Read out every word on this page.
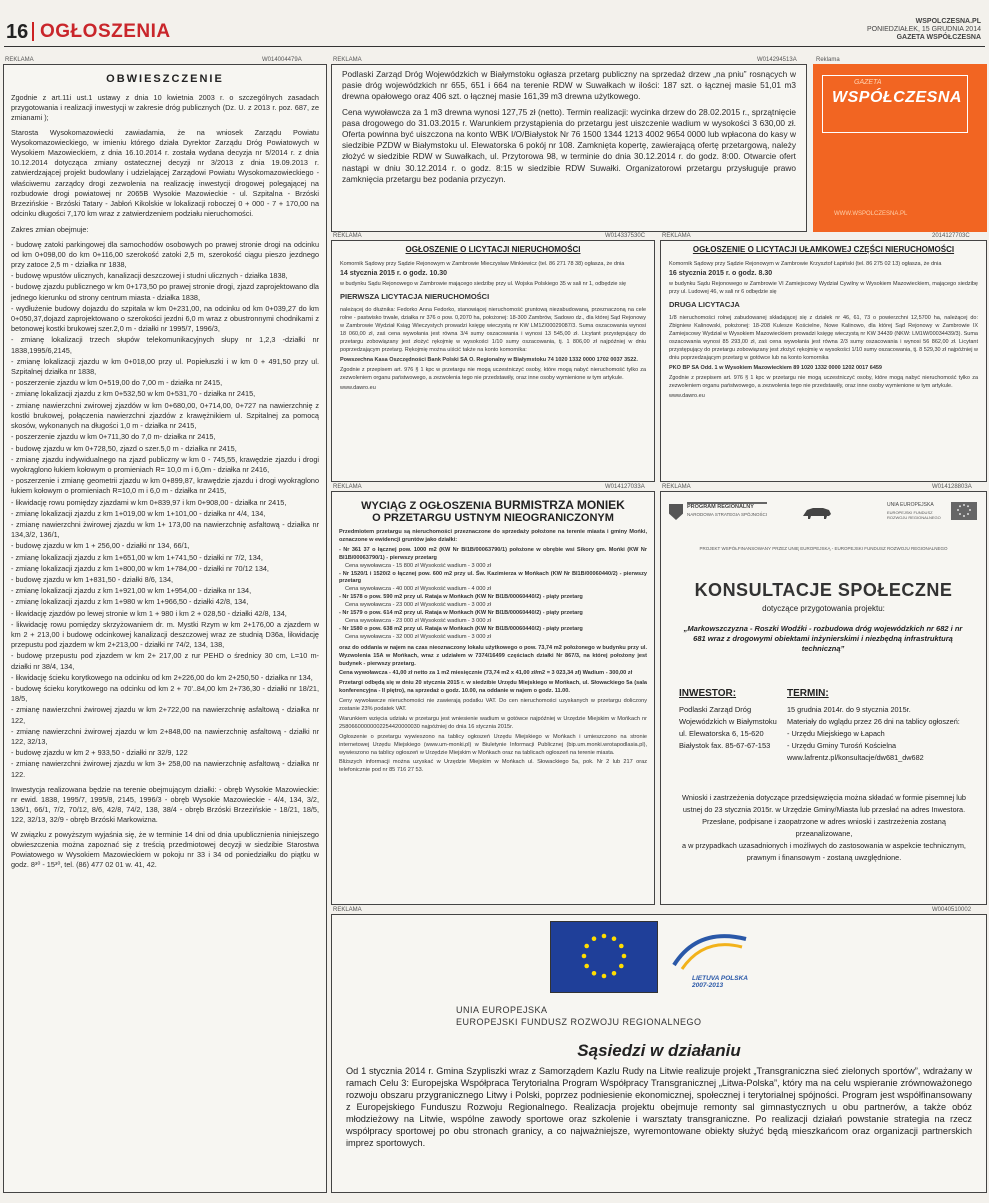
16 OGŁOSZENIA	WSPOLCZESNA.PL
PONIEDZIAŁEK, 15 GRUDNIA 2014
GAZETA WSPÓŁCZESNA
REKLAMA	W014004479A
OBWIESZCZENIE

Zgodnie z art.11i ust.1 ustawy z dnia 10 kwietnia 2003 r. o szczególnych zasadach przygotowania i realizacji inwestycji w zakresie dróg publicznych (Dz. U. z 2013 r. poz. 687, ze zmianami );

Starosta Wysokomazowiecki zawiadamia, że na wniosek Zarządu Powiatu Wysokomazowieckiego, w imieniu którego działa Dyrektor Zarządu Dróg Powiatowych w Wysokiem Mazowieckiem, z dnia 16.10.2014 r. została wydana decyzja nr 5/2014 r. z dnia 10.12.2014 dotycząca zmiany ostatecznej decyzji nr 3/2013 z dnia 19.09.2013 r. zatwierdzającej projekt budowlany i udzielającej Zarządowi Powiatu Wysokomazowieckiego - właściwemu zarządcy drogi zezwolenia na realizację inwestycji drogowej polegającej na rozbudowie drogi powiatowej nr 2065B Wysokie Mazowieckie - ul. Szpitalna - Brzóski Brzezińskie - Brzóski Tatary - Jabłoń Kikolskie w lokalizacji roboczej 0 + 000 - 7 + 170,00 na odcinku długości 7,170 km wraz z zatwierdzeniem podziału nieruchomości.

Zakres zmian obejmuje:

- budowę zatoki parkingowej dla samochodów osobowych po prawej stronie drogi na odcinku od km 0+098,00 do km 0+116,00 szerokość zatoki 2,5 m, szerokość ciągu pieszo jezdnego przy zatoce 2,5 m - działka nr 1838,

- budowę wpustów ulicznych, kanalizacji deszczowej i studni ulicznych - działka 1838,

- budowę zjazdu publicznego w km 0+173,50 po prawej stronie drogi, zjazd zaprojektowano dla jednego kierunku od strony centrum miasta - działka 1838,

- wydłużenie budowy dojazdu do szpitala w km 0+231,00, na odcinku od km 0+039,27 do km 0+050,37,dojazd zaprojektowano o szerokości jezdni 6,0 m wraz z obustronnymi chodnikami z betonowej kostki brukowej szer.2,0 m - działki nr 1995/7, 1996/3,

- zmianę lokalizacji trzech słupów telekomunikacyjnych słupy nr 1,2,3 -działki nr 1838,1995/6,2145,

- zmianę lokalizacji zjazdu w km 0+018,00 przy ul. Popiełuszki i w km 0 + 491,50 przy ul. Szpitalnej działka nr 1838,

- poszerzenie zjazdu w km 0+519,00 do 7,00 m - działka nr 2415,

- zmianę lokalizacji zjazdu z km 0+532,50 w km 0+531,70 - działka nr 2415,

- zmianę nawierzchni zwirowej zjazdów w km 0+680,00, 0+714,00, 0+727 na nawierzchnię z kostki brukowej, połączenia nawierzchni zjazdów z krawężnikiem ul. Szpitalnej za pomocą skosów, wykonanych na długości 1,0 m - działka nr 2415,

- poszerzenie zjazdu w km 0+711,30 do 7,0 m- działka nr 2415,

- budowę zjazdu w km 0+728,50, zjazd o szer.5,0 m - działka nr 2415,

- zmianę zjazdu indywidualnego na zjazd publiczny w km 0 - 745,55, krawędzie zjazdu i drogi wyokrąglono łukiem kołowym o promieniach R= 10,0 m i 6,0m - działka nr 2416,

- poszerzenie i zmianę geometrii zjazdu w km 0+899,87, krawędzie zjazdu i drogi wyokrąglono łukiem kołowym o promieniach R=10,0 m i 6,0 m - działka nr 2415,

- likwidację rowu pomiędzy zjazdami w km 0+839,97 i km 0+908,00 - działka nr 2415,

- zmianę lokalizacji zjazdu z km 1+019,00 w km 1+101,00 - działka nr 4/4, 134,

- zmianę nawierzchni żwirowej zjazdu w km 1+ 173,00 na nawierzchnię asfaltową - działka nr 134,3/2, 136/1,

- budowę zjazdu w km 1 + 256,00 - działki nr 134, 66/1,

- zmianę lokalizacji zjazdu z km 1+651,00 w km 1+741,50 - działki nr 7/2, 134,

- zmianę lokalizacji zjazdu z km 1+800,00 w km 1+784,00 - działki nr 70/12 134,

- budowę zjazdu w km 1+831,50 - działki 8/6, 134,

- zmianę lokalizacji zjazdu z km 1+921,00 w km 1+954,00 - działka nr 134,

- zmianę lokalizacji zjazdu z km 1+980 w km 1+966,50 - działki 42/8, 134,

- likwidację zjazdów po lewej stronie w km 1 + 980 i km 2 + 028,50 - działki 42/8, 134,

- likwidację rowu pomiędzy skrzyżowaniem dr. m. Mystki Rzym w km 2+176,00 a zjazdem w km 2 + 213,00 i budowę odcinkowej kanalizacji deszczowej wraz ze studnią D36a, likwidację przepustu pod zjazdem w km 2+213,00 - działki nr 74/2, 134, 138,

- budowę przepustu pod zjazdem w km 2+ 217,00 z rur PEHD o średnicy 30 cm, L=10 m- działki nr 38/4, 134,

- likwidację ścieku korytkowego na odcinku od km 2+226,00 do km 2+250,50 - działka nr 134,

- budowę ścieku korytkowego na odcinku od km 2 + 70'..84,00 km 2+736,30 - działki nr 18/21, 18/5,

- zmianę nawierzchni żwirowej zjazdu w km 2+722,00 na nawierzchnię asfaltową - działka nr 122,

- zmianę nawierzchni żwirowej zjazdu w km 2+848,00 na nawierzchnię asfaltową - działki nr 122, 32/13,

- budowę zjazdu w km 2 + 933,50 - działki nr 32/9, 122

- zmianę nawierzchni żwirowej zjazdu w km 3+ 258,00 na nawierzchnię asfaltową - działka nr 122.

Inwestycja realizowana będzie na terenie obejmującym działki: - obręb Wysokie Mazowieckie: nr ewid. 1838, 1995/7, 1995/8, 2145, 1996/3 - obręb Wysokie Mazowieckie - 4/4, 134, 3/2, 136/1, 66/1, 7/2, 70/12, 8/6, 42/8, 74/2, 138, 38/4 - obręb Brzóski Brzezińskie - 18/21, 18/5, 122, 32/13, 32/9 - obręb Brzóski Markowizna.

W związku z powyższym wyjaśnia się, że w terminie 14 dni od dnia upublicznienia niniejszego obwieszczenia można zapoznać się z treścią przedmiotowej decyzji w siedzibie Starostwa Powiatowego w Wysokiem Mazowieckiem w pokoju nr 33 i 34 od poniedziałku do piątku w godz. 8³⁰ - 15³⁰, tel. (86) 477 02 01 w. 41, 42.

REKLAMA	W014294513A

Podlaski Zarząd Dróg Wojewódzkich w Białymstoku ogłasza przetarg publiczny na sprzedaż drzew „na pniu” rosnących w pasie dróg wojewódzkich nr 655, 651 i 664 na terenie RDW w Suwałkach w ilości: 187 szt. o łącznej masie 51,01 m3 drewna opałowego oraz 406 szt. o łącznej masie 161,39 m3 drewna użytkowego.

Cena wywoławcza za 1 m3 drewna wynosi 127,75 zł (netto). Termin realizacji: wycinka drzew do 28.02.2015 r., sprzątnięcie pasa drogowego do 31.03.2015 r. Warunkiem przystąpienia do przetargu jest uiszczenie wadium w wysokości 3 630,00 zł. Oferta powinna być uiszczona na konto WBK I/O/Białystok Nr 76 1500 1344 1213 4002 9654 0000 lub wpłacona do kasy w siedzibie PZDW w Białymstoku ul. Elewatorska 6 pokój nr 108. Zamknięta kopertę, zawierającą ofertę przetargową, należy złożyć w siedzibie RDW w Suwałkach, ul. Przytorowa 98, w terminie do dnia 30.12.2014 r. do godz. 8:00. Otwarcie ofert nastąpi w dniu 30.12.2014 r. o godz. 8:15 w siedzibie RDW Suwałki. Organizatorowi przetargu przysługuje prawo zamknięcia przetargu bez podania przyczyn.

Reklama
GAZETA
WSPÓŁCZESNA
WWW.WSPOLCZESNA.PL
REKLAMA	W014337530C
OGŁOSZENIE O LICYTACJI NIERUCHOMOŚCI

Komornik Sądowy przy Sądzie Rejonowym w Zambrowie Mieczysław Minkiewicz (tel. 86 271 78 38) ogłasza, że dnia

14 stycznia 2015 r. o godz. 10.30

w budynku Sądu Rejonowego w Zambrowie mającego siedzibę przy ul. Wojska Polskiego 35 w sali nr 1, odbędzie się

PIERWSZA LICYTACJA NIERUCHOMOŚCI

należącej do dłużnika: Fedorko Anna Fedorko, stanowiącej nieruchomość gruntową niezabudowaną, przeznaczoną na cele rolne - pastwisko trwałe, działka nr 376 o pow. 0,2070 ha, położonej: 18-300 Zambrów, Sadowo dz., dla której Sąd Rejonowy w Zambrowie Wydział Ksiąg Wieczystych prowadzi księgę wieczystą nr KW LM1Z/00029087/3. Suma oszacowania wynosi 18 060,00 zł, zaś cena wywołania jest równa 3/4 sumy oszacowania i wynosi 13 545,00 zł. Licytant przystępujący do przetargu zobowiązany jest złożyć rękojmię w wysokości 1/10 sumy oszacowania, tj. 1 806,00 zł najpóźniej w dniu poprzedzającym przetarg. Rękojmię można uiścić także na konto komornika:

Powszechna Kasa Oszczędności Bank Polski SA O. Regionalny w Białymstoku 74 1020 1332 0000 1702 0037 3522.

Zgodnie z przepisem art. 976 § 1 kpc w przetargu nie mogą uczestniczyć osoby, które mogą nabyć nieruchomość tylko za zezwoleniem organu państwowego, a zezwolenia tego nie przedstawiły, oraz inne osoby wymienione w tym artykule.

www.dawro.eu

REKLAMA	2014127703C
OGŁOSZENIE O LICYTACJI UŁAMKOWEJ CZĘŚCI NIERUCHOMOŚCI

Komornik Sądowy przy Sądzie Rejonowym w Zambrowie Krzysztof Łapiński (tel. 86 275 02 13) ogłasza, że dnia

16 stycznia 2015 r. o godz. 8.30

w budynku Sądu Rejonowego w Zambrowie VI Zamiejscowy Wydział Cywilny w Wysokiem Mazowieckiem, mającego siedzibę przy ul. Ludowej 46, w sali nr 6 odbędzie się

DRUGA LICYTACJA

1/8 nieruchomości rolnej zabudowanej składającej się z działek nr 46, 61, 73 o powierzchni 12,5700 ha, należącej do: Zbigniew Kalinowski, położonej: 18-208 Kulesze Kościelne, Nowe Kalinowo, dla której Sąd Rejonowy w Zambrowie IX Zamiejscowy Wydział w Wysokiem Mazowieckiem prowadzi księgę wieczystą nr KW 34439 (NKW: LM1W/00034439/3). Suma oszacowania wynosi 85 293,00 zł, zaś cena wywołania jest równa 2/3 sumy oszacowania i wynosi 56 862,00 zł. Licytant przystępujący do przetargu zobowiązany jest złożyć rękojmię w wysokości 1/10 sumy oszacowania, tj. 8 529,30 zł najpóźniej w dniu poprzedzającym przetarg w gotówce lub na konto komornika

PKO BP SA Odd. 1 w Wysokiem Mazowieckiem 89 1020 1332 0000 1202 0017 6459

Zgodnie z przepisem art. 976 § 1 kpc w przetargu nie mogą uczestniczyć osoby, które mogą nabyć nieruchomość tylko za zezwoleniem organu państwowego, a zezwolenia tego nie przedstawiły, oraz inne osoby wymienione w tym artykule.

www.dawro.eu

REKLAMA	W014127033A
WYCIĄG Z OGŁOSZENIA BURMISTRZA MONIEK
O PRZETARGU USTNYM NIEOGRANICZONYM

Przedmiotem przetargu są nieruchomości przeznaczone do sprzedaży położone na terenie miasta i gminy Mońki, oznaczone w ewidencji gruntów jako działki:

- Nr 361 37 o łącznej pow. 1000 m2 (KW Nr BI1B/00063790/1) położone w obrębie wsi Sikory gm. Mońki (KW Nr BI1B/00063790/1) - pierwszy przetarg

Cena wywoławcza - 15 800 zł Wysokość wadium - 3 000 zł

- Nr 1520/1 i 1520/2 o łącznej pow. 600 m2 przy ul. Św. Kazimierza w Mońkach (KW Nr BI1B/00060440/2) - pierwszy przetarg

Cena wywoławcza - 40 000 zł Wysokość wadium - 4 000 zł

- Nr 1578 o pow. 590 m2 przy ul. Rataja w Mońkach (KW Nr BI1B/00060440/2) - piąty przetarg

Cena wywoławcza - 23 000 zł Wysokość wadium - 3 000 zł

- Nr 1579 o pow. 614 m2 przy ul. Rataja w Mońkach (KW Nr BI1B/00060440/2) - piąty przetarg

Cena wywoławcza - 23 000 zł Wysokość wadium - 3 000 zł

- Nr 1580 o pow. 638 m2 przy ul. Rataja w Mońkach (KW Nr BI1B/00060440/2) - piąty przetarg

Cena wywoławcza - 32 000 zł Wysokość wadium - 3 000 zł

oraz do oddania w najem na czas nieoznaczony lokalu użytkowego o pow. 73,74 m2 położonego w budynku przy ul. Wyzwolenia 15A w Mońkach, wraz z udziałem w 7374/16499 częściach działki Nr 867/3, na której położony jest budynek - pierwszy przetarg.

Cena wywoławcza - 41,00 zł netto za 1 m2 miesięcznie (73,74 m2 x 41,00 zł/m2 = 3 023,34 zł) Wadium - 300,00 zł

Przetargi odbędą się w dniu 20 stycznia 2015 r. w siedzibie Urzędu Miejskiego w Mońkach, ul. Słowackiego 5a (sala konferencyjna - II piętro), na sprzedaż o godz. 10.00, na oddanie w najem o godz. 11.00.

Ceny wywoławcze nieruchomości nie zawierają podatku VAT. Do cen nieruchomości uzyskanych w przetargu doliczony zostanie 23% podatek VAT.

Warunkiem wzięcia udziału w przetargu jest wniesienie wadium w gotówce najpóźniej w Urzędzie Miejskim w Mońkach nr 25806600000002254420000030 najpóźniej do dnia 16 stycznia 2015r.

Ogłoszenie o przetargu wywieszono na tablicy ogłoszeń Urzędu Miejskiego w Mońkach i umieszczono na stronie internetowej Urzędu Miejskiego (www.um-monki.pl) w Biuletynie Informacji Publicznej (bip.um.monki.wrotapodlasia.pl), wywieszono na tablicy ogłoszeń w Urzędzie Miejskim w Mońkach oraz na tablicach ogłoszeń na terenie miasta.

Bliższych informacji można uzyskać w Urzędzie Miejskim w Mońkach ul. Słowackiego 5a, pok. Nr 2 lub 217 oraz telefonicznie pod nr 85 716 27 53.

REKLAMA	W014128803A
PROGRAM REGIONALNY
NARODOWA STRATEGIA SPÓJNOŚCI
UNIA EUROPEJSKA
EUROPEJSKI FUNDUSZ ROZWOJU REGIONALNEGO
PROJEKT WSPÓŁFINANSOWANY PRZEZ UNIĘ EUROPEJSKĄ - EUROPEJSKI FUNDUSZ ROZWOJU REGIONALNEGO
KONSULTACJE SPOŁECZNE
dotyczące przygotowania projektu:
„Markowszczyzna - Roszki Wodźki - rozbudowa dróg wojewódzkich nr 682 i nr 681 wraz z drogowymi obiektami inżynierskimi i niezbędną infrastrukturą techniczną”
INWESTOR:
Podlaski Zarząd Dróg Wojewódzkich w Białymstoku ul. Elewatorska 6, 15-620 Białystok fax. 85-67-67-153
TERMIN:
15 grudnia 2014r. do 9 stycznia 2015r.
Materiały do wglądu przez 26 dni na tablicy ogłoszeń:
- Urzędu Miejskiego w Łapach
- Urzędu Gminy Turośń Kościelna
www.lafrentz.pl/konsultacje/dw681_dw682
Wnioski i zastrzeżenia dotyczące przedsięwzięcia można składać w formie pisemnej lub ustnej do 23 stycznia 2015r. w Urzędzie Gminy/Miasta lub przesłać na adres Inwestora. Przesłane, podpisane i zaopatrzone w adres wnioski i zastrzeżenia zostaną przeanalizowane,
a w przypadkach uzasadnionych i możliwych do zastosowania w aspekcie technicznym, prawnym i finansowym - zostaną uwzględnione.
REKLAMA	W0040510002
LIETUVA POLSKA 2007-2013
UNIA EUROPEJSKA
EUROPEJSKI FUNDUSZ ROZWOJU REGIONALNEGO
Sąsiedzi w działaniu
Od 1 stycznia 2014 r. Gmina Szypliszki wraz z Samorządem Kazlu Rudy na Litwie realizuje projekt „Transgraniczna sieć zielonych sportów”, wdrażany w ramach Celu 3: Europejska Współpraca Terytorialna Program Współpracy Transgranicznej „Litwa-Polska”, który ma na celu wspieranie zrównoważonego rozwoju obszaru przygranicznego Litwy i Polski, poprzez podniesienie ekonomicznej, społecznej i terytorialnej spójności. Program jest współfinansowany z Europejskiego Funduszu Rozwoju Regionalnego. Realizacja projektu obejmuje remonty sal gimnastycznych u obu partnerów, a także obóz młodzieżowy na Litwie, wspólne zawody sportowe oraz szkolenie i warsztaty transgraniczne. Po realizacji działań powstanie strategia na rzecz współpracy sportowej po obu stronach granicy, a co najważniejsze, wyremontowane obiekty służyć będą mieszkańcom oraz organizacji partnerskich imprez sportowych.
